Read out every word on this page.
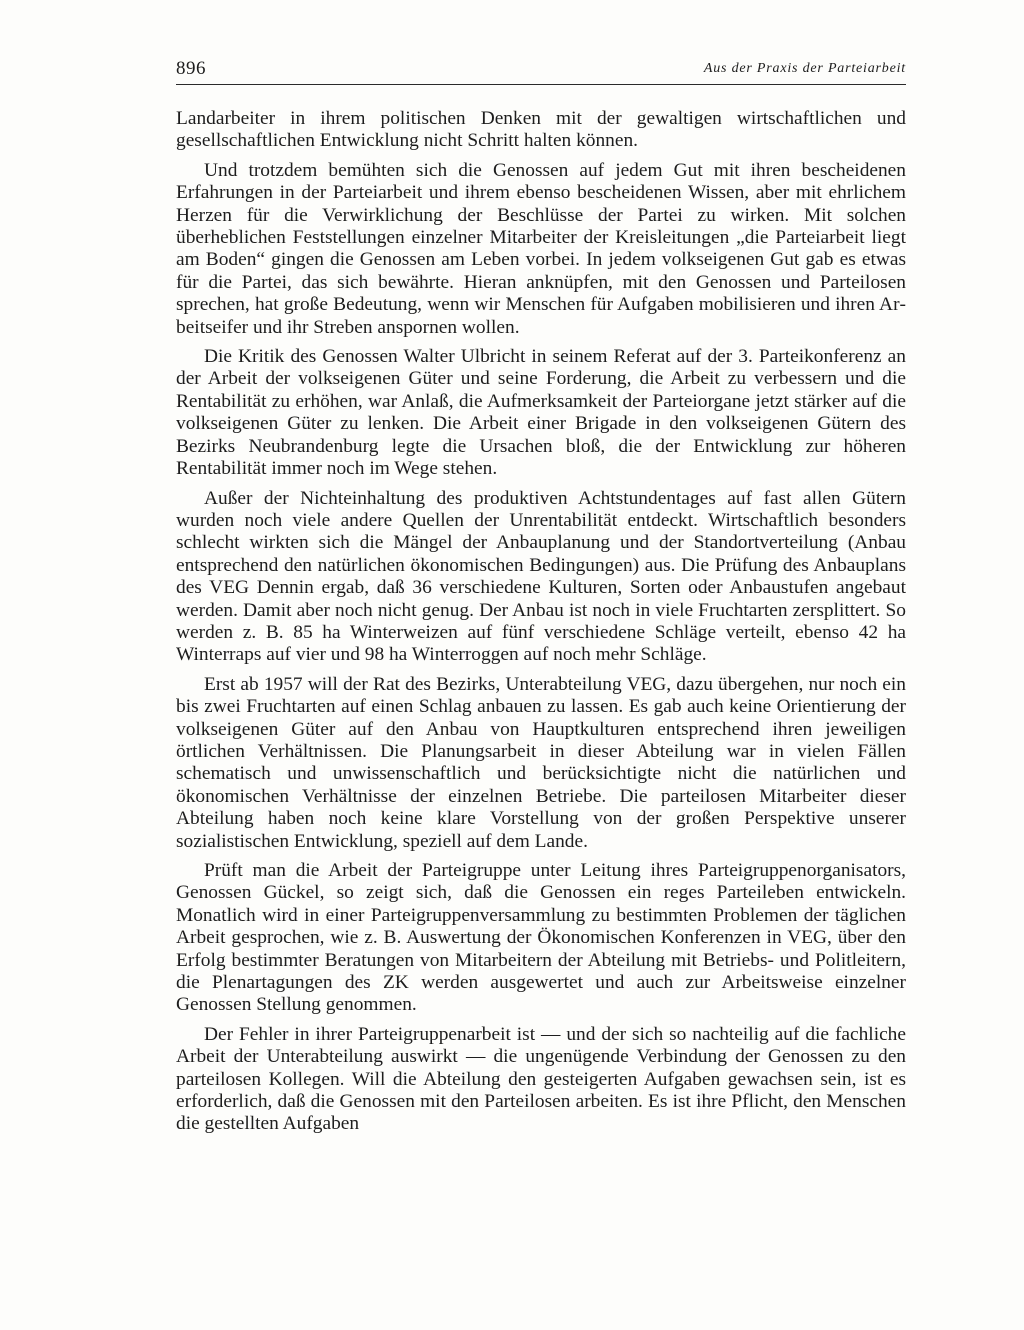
896	Aus der Praxis der Parteiarbeit

Landarbeiter in ihrem politischen Denken mit der gewaltigen wirtschaftlichen und gesellschaftlichen Entwicklung nicht Schritt halten können.

Und trotzdem bemühten sich die Genossen auf jedem Gut mit ihren bescheidenen Erfahrungen in der Parteiarbeit und ihrem ebenso bescheidenen Wissen, aber mit ehrlichem Herzen für die Verwirklichung der Beschlüsse der Partei zu wirken. Mit solchen überheblichen Feststellungen einzelner Mitarbeiter der Kreisleitungen „die Parteiarbeit liegt am Boden“ gingen die Genossen am Leben vorbei. In jedem volkseigenen Gut gab es etwas für die Partei, das sich bewährte. Hieran anknüpfen, mit den Genossen und Parteilosen sprechen, hat große Bedeutung, wenn wir Menschen für Aufgaben mobilisieren und ihren Arbeitseifer und ihr Streben anspornen wollen.

Die Kritik des Genossen Walter Ulbricht in seinem Referat auf der 3. Parteikonferenz an der Arbeit der volkseigenen Güter und seine Forderung, die Arbeit zu verbessern und die Rentabilität zu erhöhen, war Anlaß, die Aufmerksamkeit der Parteiorgane jetzt stärker auf die volkseigenen Güter zu lenken. Die Arbeit einer Brigade in den volkseigenen Gütern des Bezirks Neubrandenburg legte die Ursachen bloß, die der Entwicklung zur höheren Rentabilität immer noch im Wege stehen.

Außer der Nichteinhaltung des produktiven Achtstundentages auf fast allen Gütern wurden noch viele andere Quellen der Unrentabilität entdeckt. Wirtschaftlich besonders schlecht wirkten sich die Mängel der Anbauplanung und der Standortverteilung (Anbau entsprechend den natürlichen ökonomischen Bedingungen) aus. Die Prüfung des Anbauplans des VEG Dennin ergab, daß 36 verschiedene Kulturen, Sorten oder Anbaustufen angebaut werden. Damit aber noch nicht genug. Der Anbau ist noch in viele Fruchtarten zersplittert. So werden z. B. 85 ha Winterweizen auf fünf verschiedene Schläge verteilt, ebenso 42 ha Winterraps auf vier und 98 ha Winterroggen auf noch mehr Schläge.

Erst ab 1957 will der Rat des Bezirks, Unterabteilung VEG, dazu übergehen, nur noch ein bis zwei Fruchtarten auf einen Schlag anbauen zu lassen. Es gab auch keine Orientierung der volkseigenen Güter auf den Anbau von Hauptkulturen entsprechend ihren jeweiligen örtlichen Verhältnissen. Die Planungsarbeit in dieser Abteilung war in vielen Fällen schematisch und unwissenschaftlich und berücksichtigte nicht die natürlichen und ökonomischen Verhältnisse der einzelnen Betriebe. Die parteilosen Mitarbeiter dieser Abteilung haben noch keine klare Vorstellung von der großen Perspektive unserer sozialistischen Entwicklung, speziell auf dem Lande.

Prüft man die Arbeit der Parteigruppe unter Leitung ihres Parteigruppenorganisators, Genossen Gückel, so zeigt sich, daß die Genossen ein reges Parteileben entwickeln. Monatlich wird in einer Parteigruppenversammlung zu bestimmten Problemen der täglichen Arbeit gesprochen, wie z. B. Auswertung der Ökonomischen Konferenzen in VEG, über den Erfolg bestimmter Beratungen von Mitarbeitern der Abteilung mit Betriebs- und Politleitern, die Plenartagungen des ZK werden ausgewertet und auch zur Arbeitsweise einzelner Genossen Stellung genommen.

Der Fehler in ihrer Parteigruppenarbeit ist — und der sich so nachteilig auf die fachliche Arbeit der Unterabteilung auswirkt — die ungenügende Verbindung der Genossen zu den parteilosen Kollegen. Will die Abteilung den gesteigerten Aufgaben gewachsen sein, ist es erforderlich, daß die Genossen mit den Parteilosen arbeiten. Es ist ihre Pflicht, den Menschen die gestellten Aufgaben
